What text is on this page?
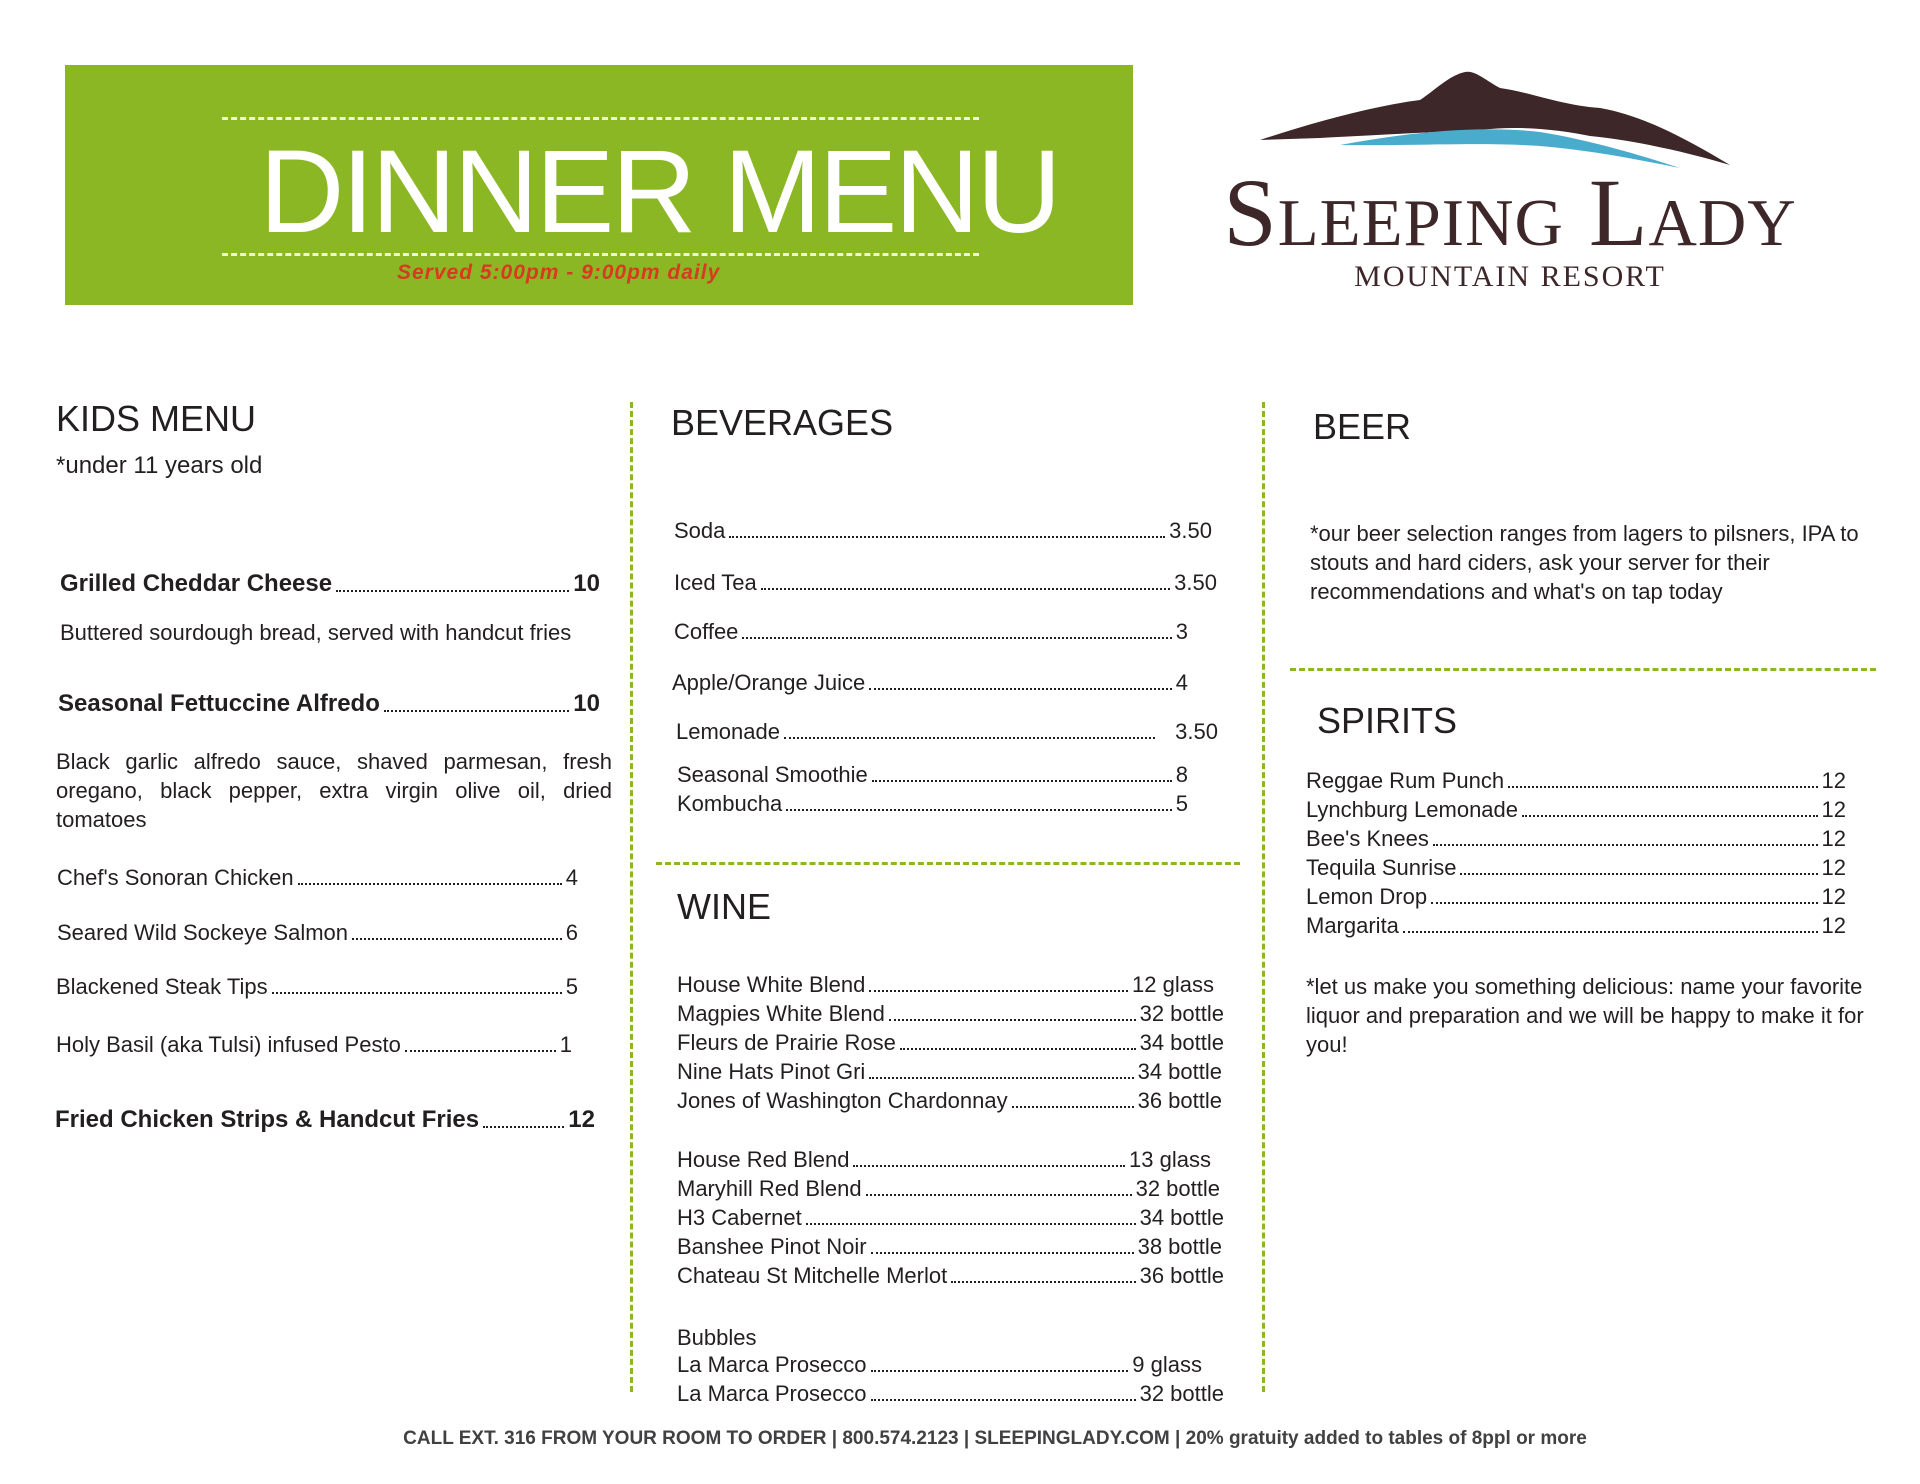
DINNER MENU
Served 5:00pm - 9:00pm daily
Sleeping Lady
MOUNTAIN RESORT
KIDS MENU
*under 11 years old
Grilled Cheddar Cheese	10
Buttered sourdough bread, served with handcut fries
Seasonal Fettuccine Alfredo	10
Black garlic alfredo sauce, shaved parmesan, fresh oregano, black pepper, extra virgin olive oil, dried tomatoes
Chef's Sonoran Chicken	4
Seared Wild Sockeye Salmon	6
Blackened Steak Tips	5
Holy Basil (aka Tulsi) infused Pesto	1
Fried Chicken Strips & Handcut Fries	12
BEVERAGES
Soda	3.50
Iced Tea	3.50
Coffee	3
Apple/Orange Juice	4
Lemonade	3.50
Seasonal Smoothie	8
Kombucha	5
WINE
House White Blend	12 glass
Magpies White Blend	32 bottle
Fleurs de Prairie Rose	34 bottle
Nine Hats Pinot Gri	34 bottle
Jones of Washington Chardonnay	36 bottle
House Red Blend	13 glass
Maryhill Red Blend	32 bottle
H3 Cabernet	34 bottle
Banshee Pinot Noir	38 bottle
Chateau St Mitchelle Merlot	36 bottle
Bubbles
La Marca Prosecco	9 glass
La Marca Prosecco	32 bottle
BEER
*our beer selection ranges from lagers to pilsners, IPA to stouts and hard ciders, ask your server for their recommendations and what's on tap today
SPIRITS
Reggae Rum Punch	12
Lynchburg Lemonade	12
Bee's Knees	12
Tequila Sunrise	12
Lemon Drop	12
Margarita	12
*let us make you something delicious: name your favorite liquor and preparation and we will be happy to make it for you!
CALL EXT. 316 FROM YOUR ROOM TO ORDER | 800.574.2123 | SLEEPINGLADY.COM | 20% gratuity added to tables of 8ppl or more
